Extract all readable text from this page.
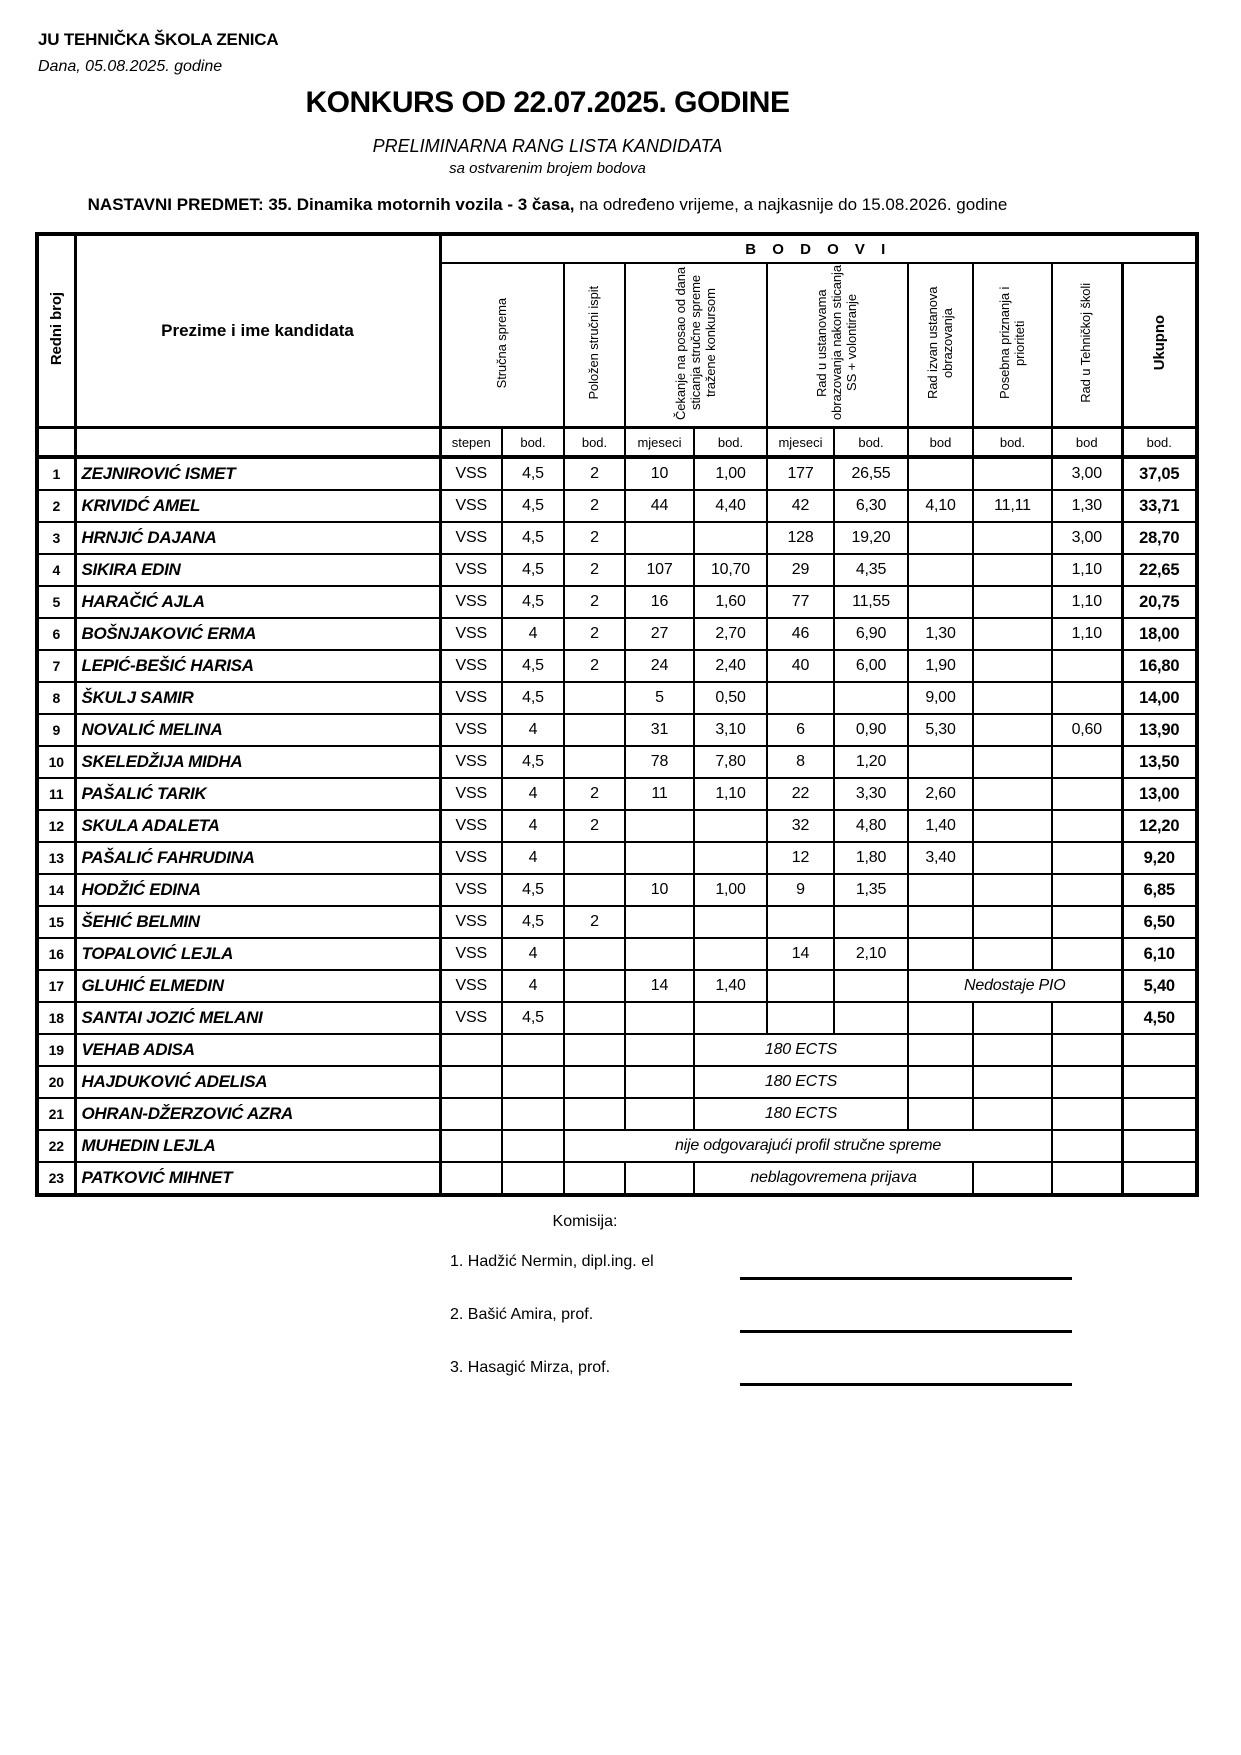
JU TEHNIČKA ŠKOLA ZENICA
Dana, 05.08.2025. godine
KONKURS OD 22.07.2025. GODINE
PRELIMINARNA RANG LISTA KANDIDATA
sa ostvarenim brojem bodova
NASTAVNI PREDMET: 35. Dinamika motornih vozila - 3 časa, na određeno vrijeme, a najkasnije do 15.08.2026. godine
Redni broj	Prezime i ime kandidata	B O D O V I										
		Stručna sprema		Položen stručni ispit	Čekanje na posao od dana sticanja stručne spreme tražene konkursom		Rad u ustanovama obrazovanja nakon sticanja SS + volontiranje		Rad izvan ustanova obrazovanja	Posebna priznanja i prioriteti	Rad u Tehničkoj školi	Ukupno
		stepen	bod.	bod.	mjeseci	bod.	mjeseci	bod.	bod	bod.	bod	bod.
1	ZEJNIROVIĆ ISMET	VSS	4,5	2	10	1,00	177	26,55			3,00	37,05
2	KRIVIDĆ AMEL	VSS	4,5	2	44	4,40	42	6,30	4,10	11,11	1,30	33,71
3	HRNJIĆ DAJANA	VSS	4,5	2			128	19,20			3,00	28,70
4	SIKIRA EDIN	VSS	4,5	2	107	10,70	29	4,35			1,10	22,65
5	HARAČIĆ AJLA	VSS	4,5	2	16	1,60	77	11,55			1,10	20,75
6	BOŠNJAKOVIĆ ERMA	VSS	4	2	27	2,70	46	6,90	1,30		1,10	18,00
7	LEPIĆ-BEŠIĆ HARISA	VSS	4,5	2	24	2,40	40	6,00	1,90			16,80
8	ŠKULJ SAMIR	VSS	4,5		5	0,50			9,00			14,00
9	NOVALIĆ MELINA	VSS	4		31	3,10	6	0,90	5,30		0,60	13,90
10	SKELEDŽIJA MIDHA	VSS	4,5		78	7,80	8	1,20				13,50
11	PAŠALIĆ TARIK	VSS	4	2	11	1,10	22	3,30	2,60			13,00
12	SKULA ADALETA	VSS	4	2			32	4,80	1,40			12,20
13	PAŠALIĆ FAHRUDINA	VSS	4				12	1,80	3,40			9,20
14	HODŽIĆ EDINA	VSS	4,5		10	1,00	9	1,35				6,85
15	ŠEHIĆ BELMIN	VSS	4,5	2								6,50
16	TOPALOVIĆ LEJLA	VSS	4				14	2,10				6,10
17	GLUHIĆ ELMEDIN	VSS	4		14	1,40			Nedostaje PIO			5,40
18	SANTAI JOZIĆ MELANI	VSS	4,5									4,50
19	VEHAB ADISA					180 ECTS						
20	HAJDUKOVIĆ ADELISA					180 ECTS						
21	OHRAN-DŽERZOVIĆ AZRA					180 ECTS						
22	MUHEDIN LEJLA			nije odgovarajući profil stručne spreme								
23	PATKOVIĆ MIHNET					neblagovremena prijava						
Komisija:
1. Hadžić Nermin, dipl.ing. el
2. Bašić Amira, prof.
3. Hasagić Mirza, prof.
